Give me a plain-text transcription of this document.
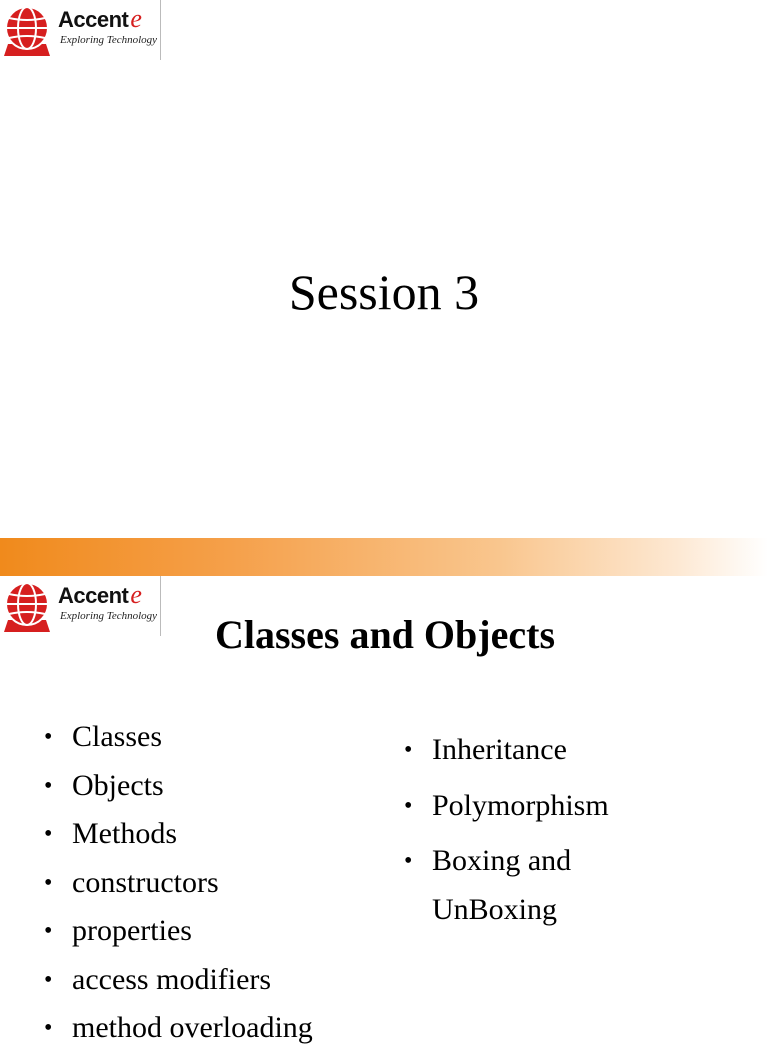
Accente
Exploring Technology
Session 3
Accente
Exploring Technology	Classes and Objects
• Classes
• Objects
• Methods
• constructors
• properties
• access modifiers
• method overloading
• Inheritance
• Polymorphism
• Boxing and UnBoxing
